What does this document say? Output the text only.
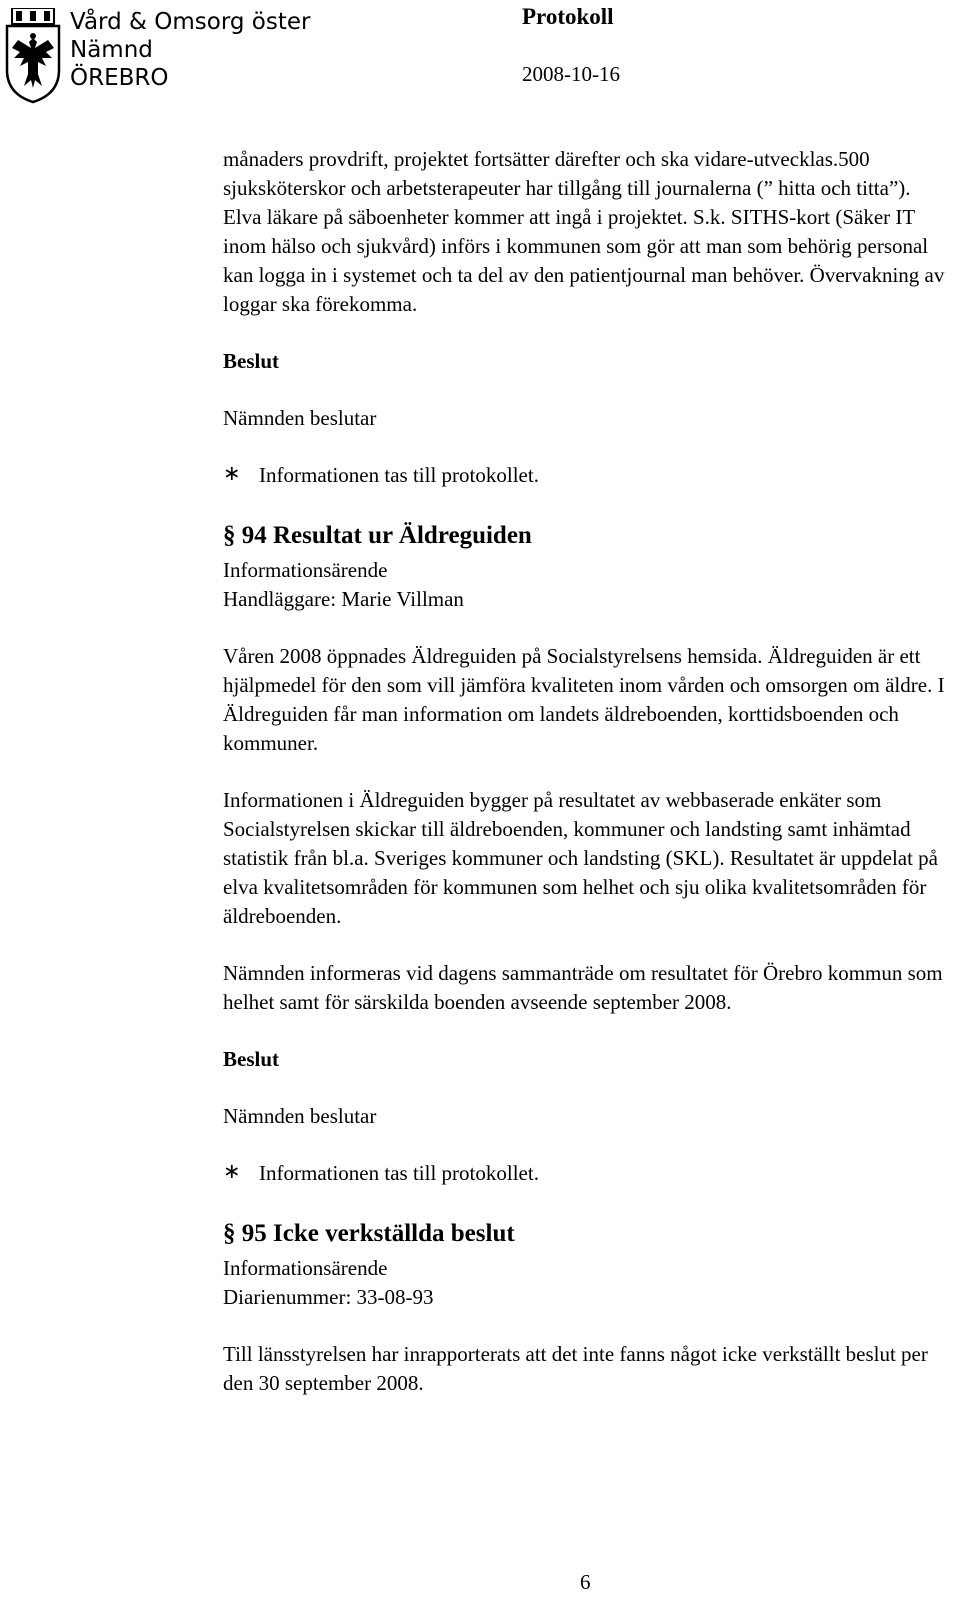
Vård & Omsorg öster
Nämnd
ÖREBRO
Protokoll
2008-10-16

månaders provdrift, projektet fortsätter därefter och ska vidare-utvecklas.500 sjuksköterskor och arbetsterapeuter har tillgång till journalerna (” hitta och titta”). Elva läkare på säboenheter kommer att ingå i projektet. S.k. SITHS-kort (Säker IT inom hälso och sjukvård) införs i kommunen som gör att man som behörig personal kan logga in i systemet och ta del av den patientjournal man behöver. Övervakning av loggar ska förekomma.

Beslut

Nämnden beslutar

∗ Informationen tas till protokollet.

§ 94 Resultat ur Äldreguiden

Informationsärende

Handläggare: Marie Villman

Våren 2008 öppnades Äldreguiden på Socialstyrelsens hemsida. Äldreguiden är ett hjälpmedel för den som vill jämföra kvaliteten inom vården och omsorgen om äldre. I Äldreguiden får man information om landets äldreboenden, korttidsboenden och kommuner.

Informationen i Äldreguiden bygger på resultatet av webbaserade enkäter som Socialstyrelsen skickar till äldreboenden, kommuner och landsting samt inhämtad statistik från bl.a. Sveriges kommuner och landsting (SKL). Resultatet är uppdelat på elva kvalitetsområden för kommunen som helhet och sju olika kvalitetsområden för äldreboenden.

Nämnden informeras vid dagens sammanträde om resultatet för Örebro kommun som helhet samt för särskilda boenden avseende september 2008.

Beslut

Nämnden beslutar

∗ Informationen tas till protokollet.

§ 95 Icke verkställda beslut

Informationsärende

Diarienummer: 33-08-93

Till länsstyrelsen har inrapporterats att det inte fanns något icke verkställt beslut per den 30 september 2008.

6
